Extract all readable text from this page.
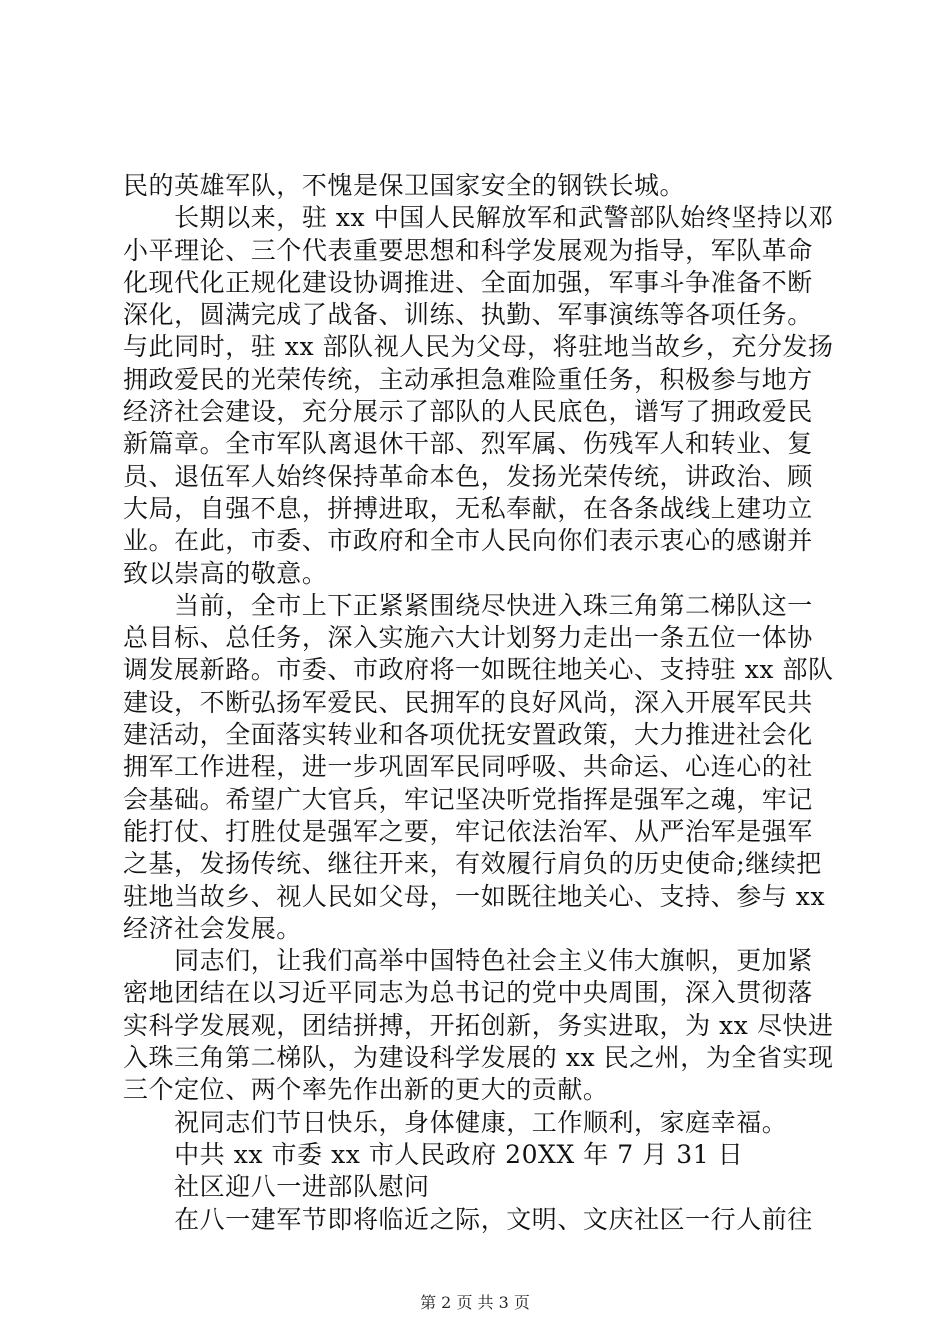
民的英雄军队，不愧是保卫国家安全的钢铁长城。
　　长期以来，驻 xx 中国人民解放军和武警部队始终坚持以邓
小平理论、三个代表重要思想和科学发展观为指导，军队革命
化现代化正规化建设协调推进、全面加强，军事斗争准备不断
深化，圆满完成了战备、训练、执勤、军事演练等各项任务。
与此同时，驻 xx 部队视人民为父母，将驻地当故乡，充分发扬
拥政爱民的光荣传统，主动承担急难险重任务，积极参与地方
经济社会建设，充分展示了部队的人民底色，谱写了拥政爱民
新篇章。全市军队离退休干部、烈军属、伤残军人和转业、复
员、退伍军人始终保持革命本色，发扬光荣传统，讲政治、顾
大局，自强不息，拼搏进取，无私奉献，在各条战线上建功立
业。在此，市委、市政府和全市人民向你们表示衷心的感谢并
致以崇高的敬意。
　　当前，全市上下正紧紧围绕尽快进入珠三角第二梯队这一
总目标、总任务，深入实施六大计划努力走出一条五位一体协
调发展新路。市委、市政府将一如既往地关心、支持驻 xx 部队
建设，不断弘扬军爱民、民拥军的良好风尚，深入开展军民共
建活动，全面落实转业和各项优抚安置政策，大力推进社会化
拥军工作进程，进一步巩固军民同呼吸、共命运、心连心的社
会基础。希望广大官兵，牢记坚决听党指挥是强军之魂，牢记
能打仗、打胜仗是强军之要，牢记依法治军、从严治军是强军
之基，发扬传统、继往开来，有效履行肩负的历史使命;继续把
驻地当故乡、视人民如父母，一如既往地关心、支持、参与 xx
经济社会发展。
　　同志们，让我们高举中国特色社会主义伟大旗帜，更加紧
密地团结在以习近平同志为总书记的党中央周围，深入贯彻落
实科学发展观，团结拼搏，开拓创新，务实进取，为 xx 尽快进
入珠三角第二梯队，为建设科学发展的 xx 民之州，为全省实现
三个定位、两个率先作出新的更大的贡献。
　　祝同志们节日快乐，身体健康，工作顺利，家庭幸福。
　　中共 xx 市委 xx 市人民政府 20XX 年 7 月 31 日
　　社区迎八一进部队慰问
　　在八一建军节即将临近之际，文明、文庆社区一行人前往
第 2 页 共 3 页
